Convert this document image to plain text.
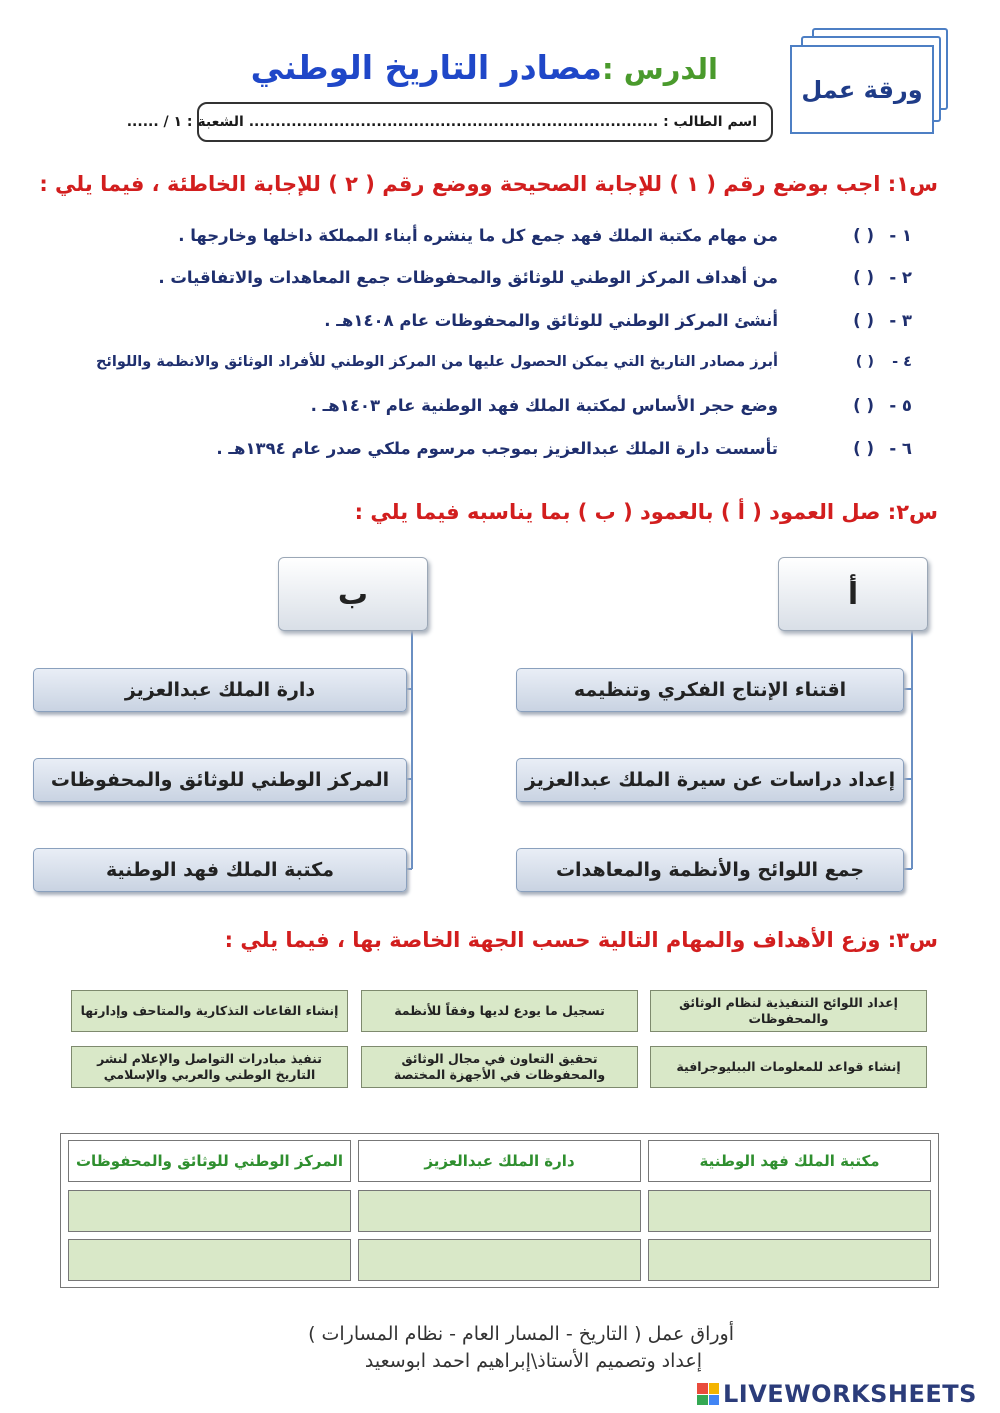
ورقة عمل
الدرس :
مصادر التاريخ الوطني
اسم الطالب : ............................................................................. الشعبة : ١ / ......
س١: اجب بوضع رقم ( ١ ) للإجابة الصحيحة ووضع رقم ( ٢ ) للإجابة الخاطئة ، فيما يلي :
١ -
( )
من مهام مكتبة الملك فهد جمع كل ما ينشره أبناء المملكة داخلها وخارجها .
٢ -
( )
من أهداف المركز الوطني للوثائق والمحفوظات جمع المعاهدات والاتفاقيات .
٣ -
( )
أنشئ المركز الوطني للوثائق والمحفوظات عام ١٤٠٨هـ .
٤ -
( )
أبرز مصادر التاريخ التي يمكن الحصول عليها من المركز الوطني للأفراد الوثائق والانظمة واللوائح
٥ -
( )
وضع حجر الأساس لمكتبة الملك فهد الوطنية عام ١٤٠٣هـ .
٦ -
( )
تأسست دارة الملك عبدالعزيز بموجب مرسوم ملكي صدر عام ١٣٩٤هـ .
س٢: صل العمود ( أ ) بالعمود ( ب ) بما يناسبه فيما يلي :
أ
ب
اقتناء الإنتاج الفكري وتنظيمه
إعداد دراسات عن سيرة الملك عبدالعزيز
جمع اللوائح والأنظمة والمعاهدات
دارة الملك عبدالعزيز
المركز الوطني للوثائق والمحفوظات
مكتبة الملك فهد الوطنية
س٣: وزع الأهداف والمهام التالية حسب الجهة الخاصة بها ، فيما يلي :
إعداد اللوائح التنفيذية لنظام الوثائق والمحفوظات
تسجيل ما يودع لديها وفقاً للأنظمة
إنشاء القاعات التذكارية والمتاحف وإدارتها
إنشاء قواعد للمعلومات الببليوجرافية
تحقيق التعاون في مجال الوثائق والمحفوظات في الأجهزة المختصة
تنفيذ مبادرات التواصل والإعلام لنشر التاريخ الوطني والعربي والإسلامي
مكتبة الملك فهد الوطنية
دارة الملك عبدالعزيز
المركز الوطني للوثائق والمحفوظات
أوراق عمل ( التاريخ - المسار العام - نظام المسارات )
إعداد وتصميم الأستاذ\إبراهيم احمد ابوسعيد
LIVEWORKSHEETS
